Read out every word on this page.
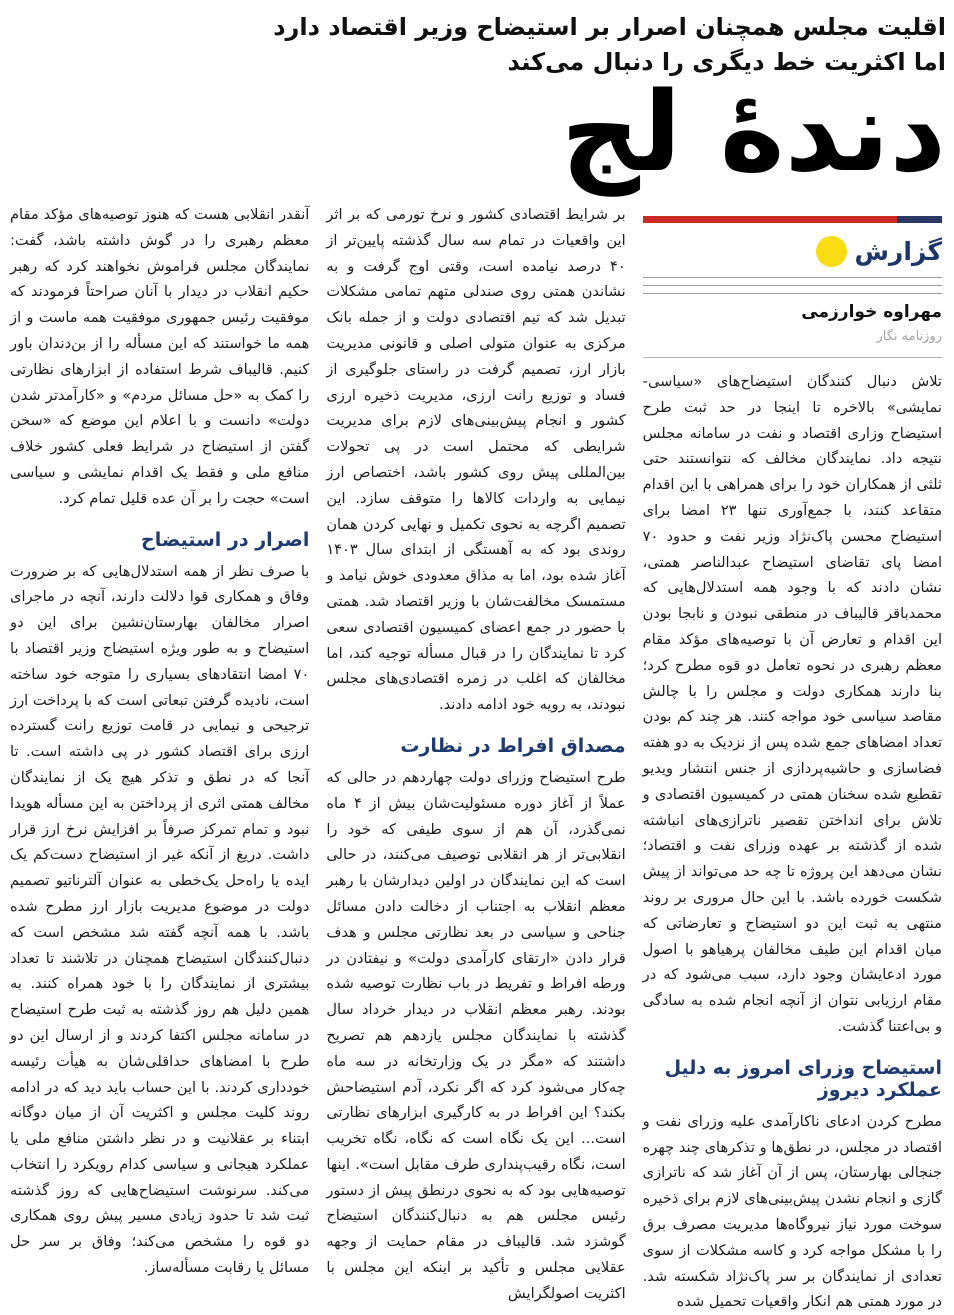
اقلیت مجلس همچنان اصرار بر استیضاح وزیر اقتصاد دارد
اما اکثریت خط دیگری را دنبال می‌کند
دندهٔ لج
گزارش
مهراوه خوارزمی
روزنامه نگار

تلاش دنبال کنندگان استیضاح‌های «سیاسی- نمایشی» بالاخره تا اینجا در حد ثبت طرح استیضاح وزاری اقتصاد و نفت در سامانه مجلس نتیجه داد. نمایندگان مخالف که نتوانستند حتی ثلثی از همکاران خود را برای همراهی با این اقدام متقاعد کنند، با جمع‌آوری تنها ۲۳ امضا برای استیضاح محسن پاک‌نژاد وزیر نفت و حدود ۷۰ امضا پای تقاضای استیضاح عبدالناصر همتی، نشان دادند که با وجود همه استدلال‌هایی که محمدباقر قالیباف در منطقی نبودن و نابجا بودن این اقدام و تعارض آن با توصیه‌های مؤکد مقام معظم رهبری در نحوه تعامل دو قوه مطرح کرد؛ بنا دارند همکاری دولت و مجلس را با چالش مقاصد سیاسی خود مواجه کنند. هر چند کم بودن تعداد امضاهای جمع شده پس از نزدیک به دو هفته فضاسازی و حاشیه‌پردازی از جنس انتشار ویدیو تقطیع شده سخنان همتی در کمیسیون اقتصادی و تلاش برای انداختن تقصیر ناترازی‌های انباشته شده از گذشته بر عهده وزرای نفت و اقتصاد؛ نشان می‌دهد این پروژه تا چه حد می‌تواند از پیش شکست خورده باشد. با این حال مروری بر روند منتهی به ثبت این دو استیضاح و تعارضاتی که میان اقدام این طیف مخالفان پرهیاهو با اصول مورد ادعایشان وجود دارد، سبب می‌شود که در مقام ارزیابی نتوان از آنچه انجام شده به سادگی و بی‌اعتنا گذشت.

استیضاح وزرای امروز به دلیل عملکرد دیروز

مطرح کردن ادعای ناکارآمدی علیه وزرای نفت و اقتصاد در مجلس، در نطق‌ها و تذکرهای چند چهره جنجالی بهارستان، پس از آن آغاز شد که ناترازی گازی و انجام نشدن پیش‌بینی‌های لازم برای ذخیره سوخت مورد نیاز نیروگاه‌ها مدیریت مصرف برق را با مشکل مواجه کرد و کاسه مشکلات از سوی تعدادی از نمایندگان بر سر پاک‌نژاد شکسته شد. در مورد همتی هم انکار واقعیات تحمیل شده

بر شرایط اقتصادی کشور و نرخ تورمی که بر اثر این واقعیات در تمام سه سال گذشته پایین‌تر از ۴۰ درصد نیامده است، وقتی اوج گرفت و به نشاندن همتی روی صندلی متهم تمامی مشکلات تبدیل شد که تیم اقتصادی دولت و از جمله بانک مرکزی به عنوان متولی اصلی و قانونی مدیریت بازار ارز، تصمیم گرفت در راستای جلوگیری از فساد و توزیع رانت ارزی، مدیریت ذخیره ارزی کشور و انجام پیش‌بینی‌های لازم برای مدیریت شرایطی که محتمل است در پی تحولات بین‌المللی پیش روی کشور باشد، اختصاص ارز نیمایی به واردات کالاها را متوقف سازد. این تصمیم اگرچه به نحوی تکمیل و نهایی کردن همان روندی بود که به آهستگی از ابتدای سال ۱۴۰۳ آغاز شده بود، اما به مذاق معدودی خوش نیامد و مستمسک مخالفت‌شان با وزیر اقتصاد شد. همتی با حضور در جمع اعضای کمیسیون اقتصادی سعی کرد تا نمایندگان را در قبال مسأله توجیه کند، اما مخالفان که اغلب در زمره اقتصادی‌های مجلس نبودند، به رویه خود ادامه دادند.

مصداق افراط در نظارت

طرح استیضاح وزرای دولت چهاردهم در حالی که عملاً از آغاز دوره مسئولیت‌شان بیش از ۴ ماه نمی‌گذرد، آن هم از سوی طیفی که خود را انقلابی‌تر از هر انقلابی توصیف می‌کنند، در حالی است که این نمایندگان در اولین دیدارشان با رهبر معظم انقلاب به اجتناب از دخالت دادن مسائل جناحی و سیاسی در بعد نظارتی مجلس و هدف قرار دادن «ارتقای کارآمدی دولت» و نیفتادن در ورطه افراط و تفریط در باب نظارت توصیه شده بودند. رهبر معظم انقلاب در دیدار خرداد سال گذشته با نمایندگان مجلس یازدهم هم تصریح داشتند که «مگر در یک وزارتخانه در سه ماه چه‌کار می‌شود کرد که اگر نکرد، آدم استیضاحش بکند؟ این افراط در به کارگیری ابزارهای نظارتی است... این یک نگاه است که نگاه، نگاه تخریب است، نگاه رقیب‌پنداری طرف مقابل است». اینها توصیه‌هایی بود که به نحوی درنطق پیش از دستور رئیس مجلس هم به دنبال‌کنندگان استیضاح گوشزد شد. قالیباف در مقام حمایت از وجهه عقلایی مجلس و تأکید بر اینکه این مجلس با اکثریت اصولگرایش

آنقدر انقلابی هست که هنوز توصیه‌های مؤکد مقام معظم رهبری را در گوش داشته باشد، گفت: نمایندگان مجلس فراموش نخواهند کرد که رهبر حکیم انقلاب در دیدار با آنان صراحتاً فرمودند که موفقیت رئیس جمهوری موفقیت همه ماست و از همه ما خواستند که این مسأله را از بن‌دندان باور کنیم. قالیباف شرط استفاده از ابزارهای نظارتی را کمک به «حل مسائل مردم» و «کارآمدتر شدن دولت» دانست و با اعلام این موضع که «سخن گفتن از استیضاح در شرایط فعلی کشور خلاف منافع ملی و فقط یک اقدام نمایشی و سیاسی است» حجت را بر آن عده قلیل تمام کرد.

اصرار در استیضاح

با صرف نظر از همه استدلال‌هایی که بر ضرورت وفاق و همکاری قوا دلالت دارند، آنچه در ماجرای اصرار مخالفان بهارستان‌نشین برای این دو استیضاح و به طور ویژه استیضاح وزیر اقتصاد با ۷۰ امضا انتقادهای بسیاری را متوجه خود ساخته است، نادیده گرفتن تبعاتی است که با پرداخت ارز ترجیحی و نیمایی در قامت توزیع رانت گسترده ارزی برای اقتصاد کشور در پی داشته است. تا آنجا که در نطق و تذکر هیچ یک از نمایندگان مخالف همتی اثری از پرداختن به این مسأله هویدا نبود و تمام تمرکز صرفاً بر افزایش نرخ ارز قرار داشت. دریغ از آنکه غیر از استیضاح دست‌کم یک ایده یا راه‌حل یک‌خطی به عنوان آلترناتیو تصمیم دولت در موضوع مدیریت بازار ارز مطرح شده باشد. با همه آنچه گفته شد مشخص است که دنبال‌کنندگان استیضاح همچنان در تلاشند تا تعداد بیشتری از نمایندگان را با خود همراه کنند. به همین دلیل هم روز گذشته به ثبت طرح استیضاح در سامانه مجلس اکتفا کردند و از ارسال این دو طرح با امضاهای حداقلی‌شان به هیأت رئیسه خودداری کردند. با این حساب باید دید که در ادامه روند کلیت مجلس و اکثریت آن از میان دوگانه ابتناء بر عقلانیت و در نظر داشتن منافع ملی یا عملکرد هیجانی و سیاسی کدام رویکرد را انتخاب می‌کند. سرنوشت استیضاح‌هایی که روز گذشته ثبت شد تا حدود زیادی مسیر پیش روی همکاری دو قوه را مشخص می‌کند؛ وفاق بر سر حل مسائل یا رقابت مسأله‌ساز.
